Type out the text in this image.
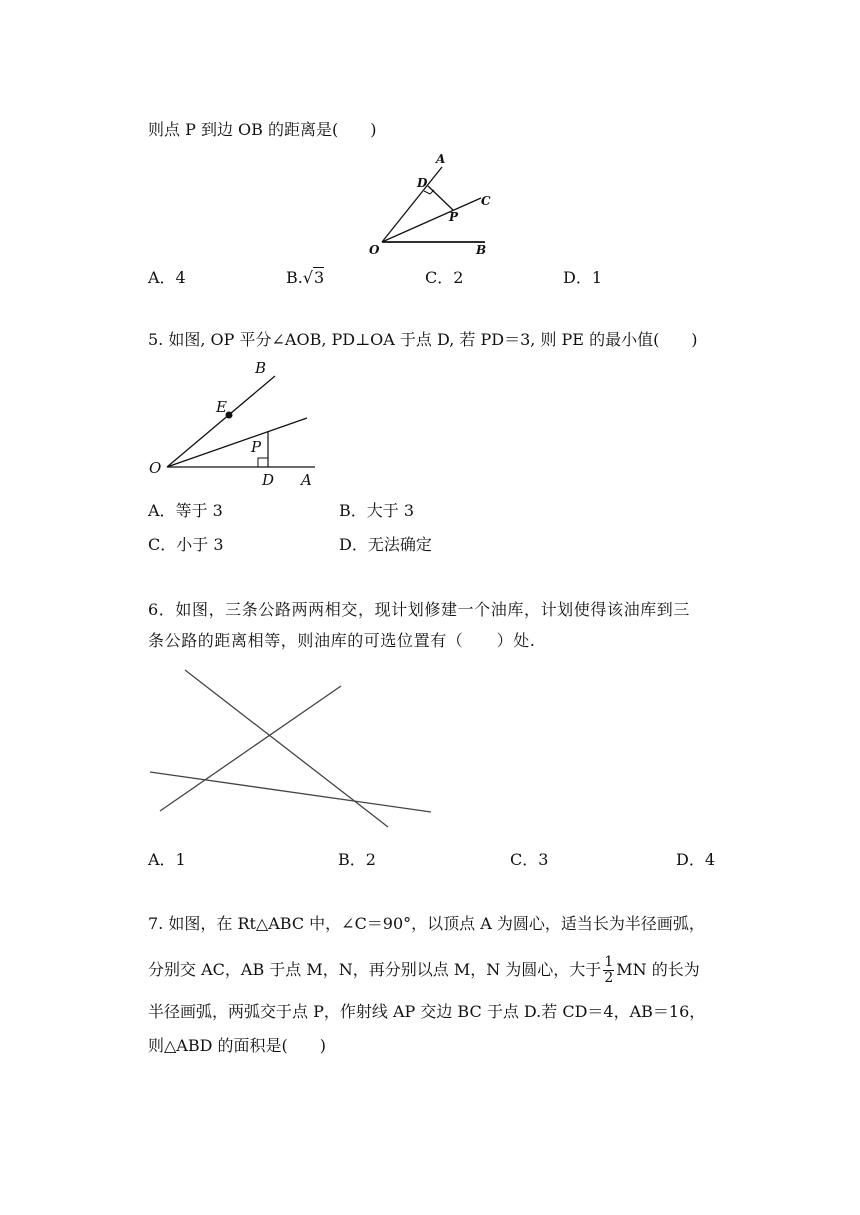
则点 P 到边 OB 的距离是(　　)
A
D
P
C
O	B
A．4	B.√3	C．2	D．1
5. 如图, OP 平分∠AOB, PD⊥OA 于点 D, 若 PD＝3, 则 PE 的最小值(　　)
B
E
P
O
D A
A．等于 3	B．大于 3
C．小于 3	D．无法确定
6．如图，三条公路两两相交，现计划修建一个油库，计划使得该油库到三
条公路的距离相等，则油库的可选位置有（　　）处.
A．1	B．2	C．3	D．4
7. 如图，在 Rt△ABC 中，∠C＝90°，以顶点 A 为圆心，适当长为半径画弧，
分别交 AC，AB 于点 M，N，再分别以点 M，N 为圆心，大于 $\frac{1}{2}$ MN 的长为
半径画弧，两弧交于点 P，作射线 AP 交边 BC 于点 D.若 CD＝4，AB＝16，
则△ABD 的面积是(　　)
